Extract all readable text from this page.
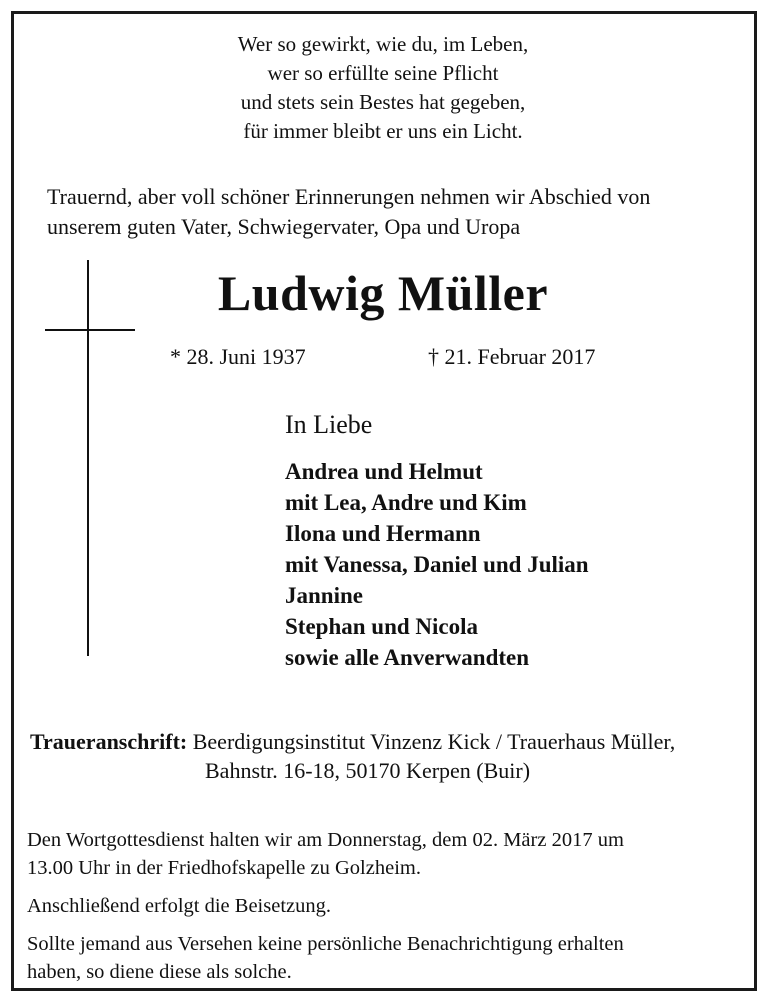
Wer so gewirkt, wie du, im Leben,
wer so erfüllte seine Pflicht
und stets sein Bestes hat gegeben,
für immer bleibt er uns ein Licht.
Trauernd, aber voll schöner Erinnerungen nehmen wir Abschied von
unserem guten Vater, Schwiegervater, Opa und Uropa
Ludwig Müller
* 28. Juni 1937	† 21. Februar 2017
In Liebe
Andrea und Helmut
mit Lea, Andre und Kim
Ilona und Hermann
mit Vanessa, Daniel und Julian
Jannine
Stephan und Nicola
sowie alle Anverwandten
Traueranschrift: Beerdigungsinstitut Vinzenz Kick / Trauerhaus Müller,
Bahnstr. 16-18, 50170 Kerpen (Buir)

Den Wortgottesdienst halten wir am Donnerstag, dem 02. März 2017 um
13.00 Uhr in der Friedhofskapelle zu Golzheim.

Anschließend erfolgt die Beisetzung.

Sollte jemand aus Versehen keine persönliche Benachrichtigung erhalten
haben, so diene diese als solche.
